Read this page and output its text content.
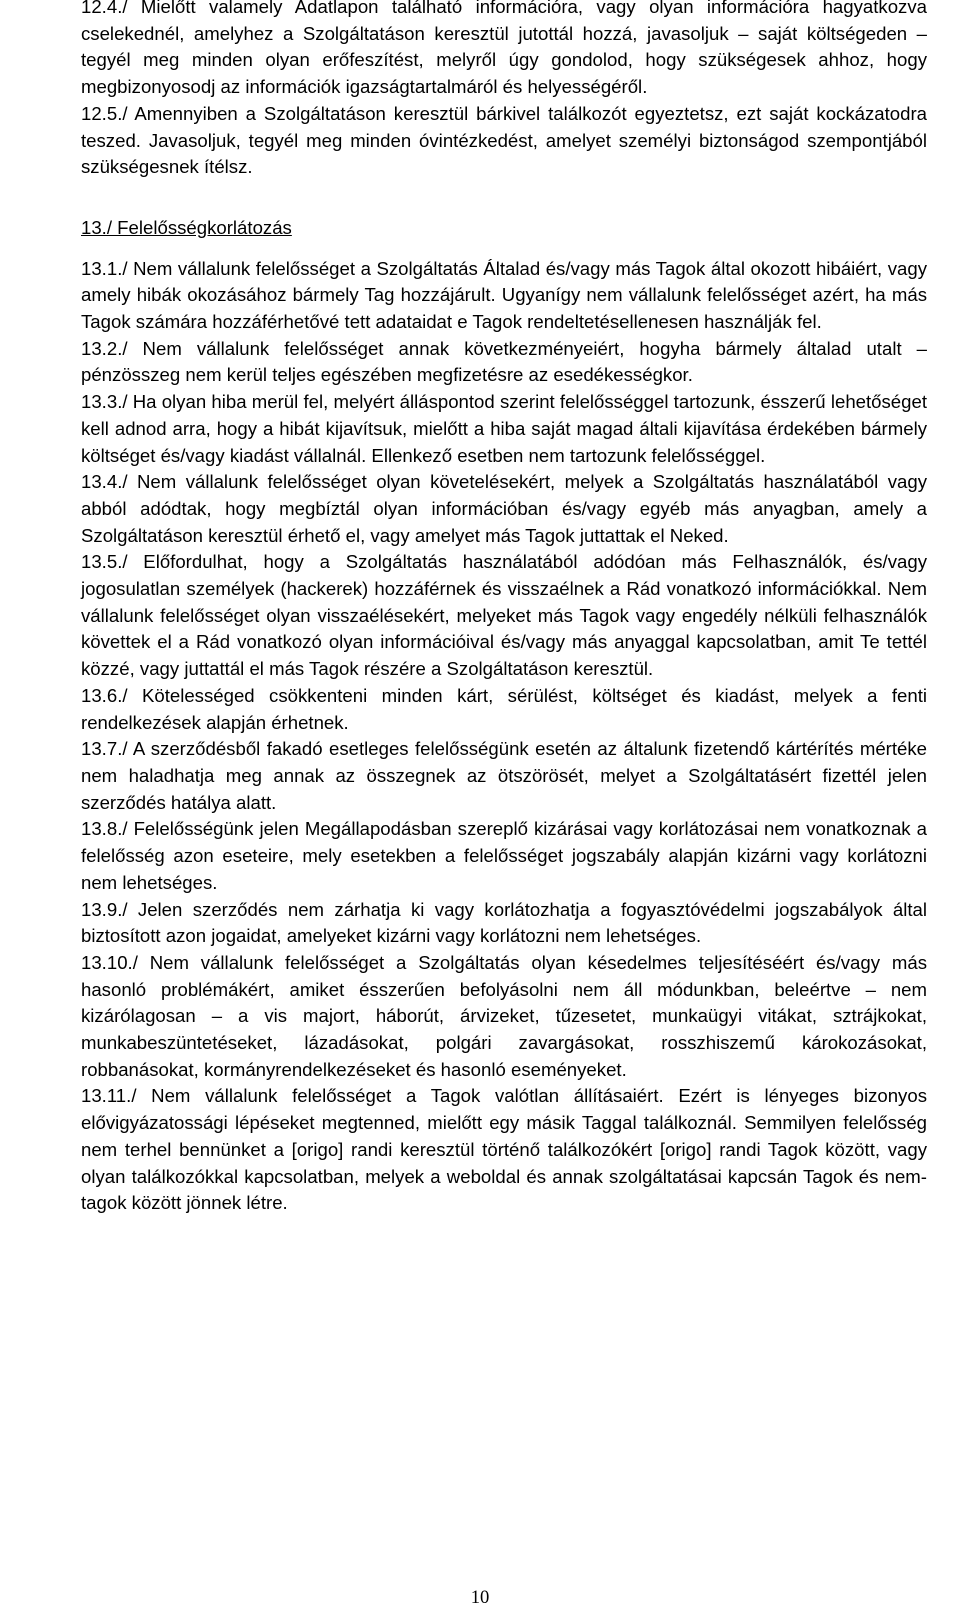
12.4./ Mielőtt valamely Adatlapon található információra, vagy olyan információra hagyatkozva cselekednél, amelyhez a Szolgáltatáson keresztül jutottál hozzá, javasoljuk – saját költségeden – tegyél meg minden olyan erőfeszítést, melyről úgy gondolod, hogy szükségesek ahhoz, hogy megbizonyosodj az információk igazságtartalmáról és helyességéről.

12.5./ Amennyiben a Szolgáltatáson keresztül bárkivel találkozót egyeztetsz, ezt saját kockázatodra teszed. Javasoljuk, tegyél meg minden óvintézkedést, amelyet személyi biztonságod szempontjából szükségesnek ítélsz.

13./ Felelősségkorlátozás

13.1./ Nem vállalunk felelősséget a Szolgáltatás Általad és/vagy más Tagok által okozott hibáiért, vagy amely hibák okozásához bármely Tag hozzájárult. Ugyanígy nem vállalunk felelősséget azért, ha más Tagok számára hozzáférhetővé tett adataidat e Tagok rendeltetésellenesen használják fel.

13.2./ Nem vállalunk felelősséget annak következményeiért, hogyha bármely általad utalt – pénzösszeg nem kerül teljes egészében megfizetésre az esedékességkor.

13.3./ Ha olyan hiba merül fel, melyért álláspontod szerint felelősséggel tartozunk, ésszerű lehetőséget kell adnod arra, hogy a hibát kijavítsuk, mielőtt a hiba saját magad általi kijavítása érdekében bármely költséget és/vagy kiadást vállalnál. Ellenkező esetben nem tartozunk felelősséggel.

13.4./ Nem vállalunk felelősséget olyan követelésekért, melyek a Szolgáltatás használatából vagy abból adódtak, hogy megbíztál olyan információban és/vagy egyéb más anyagban, amely a Szolgáltatáson keresztül érhető el, vagy amelyet más Tagok juttattak el Neked.

13.5./ Előfordulhat, hogy a Szolgáltatás használatából adódóan más Felhasználók, és/vagy jogosulatlan személyek (hackerek) hozzáférnek és visszaélnek a Rád vonatkozó információkkal. Nem vállalunk felelősséget olyan visszaélésekért, melyeket más Tagok vagy engedély nélküli felhasználók követtek el a Rád vonatkozó olyan információival és/vagy más anyaggal kapcsolatban, amit Te tettél közzé, vagy juttattál el más Tagok részére a Szolgáltatáson keresztül.

13.6./ Kötelességed csökkenteni minden kárt, sérülést, költséget és kiadást, melyek a fenti rendelkezések alapján érhetnek.

13.7./ A szerződésből fakadó esetleges felelősségünk esetén az általunk fizetendő kártérítés mértéke nem haladhatja meg annak az összegnek az ötszörösét, melyet a Szolgáltatásért fizettél jelen szerződés hatálya alatt.

13.8./ Felelősségünk jelen Megállapodásban szereplő kizárásai vagy korlátozásai nem vonatkoznak a felelősség azon eseteire, mely esetekben a felelősséget jogszabály alapján kizárni vagy korlátozni nem lehetséges.

13.9./ Jelen szerződés nem zárhatja ki vagy korlátozhatja a fogyasztóvédelmi jogszabályok által biztosított azon jogaidat, amelyeket kizárni vagy korlátozni nem lehetséges.

13.10./ Nem vállalunk felelősséget a Szolgáltatás olyan késedelmes teljesítéséért és/vagy más hasonló problémákért, amiket ésszerűen befolyásolni nem áll módunkban, beleértve – nem kizárólagosan – a vis majort, háborút, árvizeket, tűzesetet, munkaügyi vitákat, sztrájkokat, munkabeszüntetéseket, lázadásokat, polgári zavargásokat, rosszhiszemű károkozásokat, robbanásokat, kormányrendelkezéseket és hasonló eseményeket.

13.11./ Nem vállalunk felelősséget a Tagok valótlan állításaiért. Ezért is lényeges bizonyos elővigyázatossági lépéseket megtenned, mielőtt egy másik Taggal találkoznál. Semmilyen felelősség nem terhel bennünket a [origo] randi keresztül történő találkozókért [origo] randi Tagok között, vagy olyan találkozókkal kapcsolatban, melyek a weboldal és annak szolgáltatásai kapcsán Tagok és nem-tagok között jönnek létre.

10
